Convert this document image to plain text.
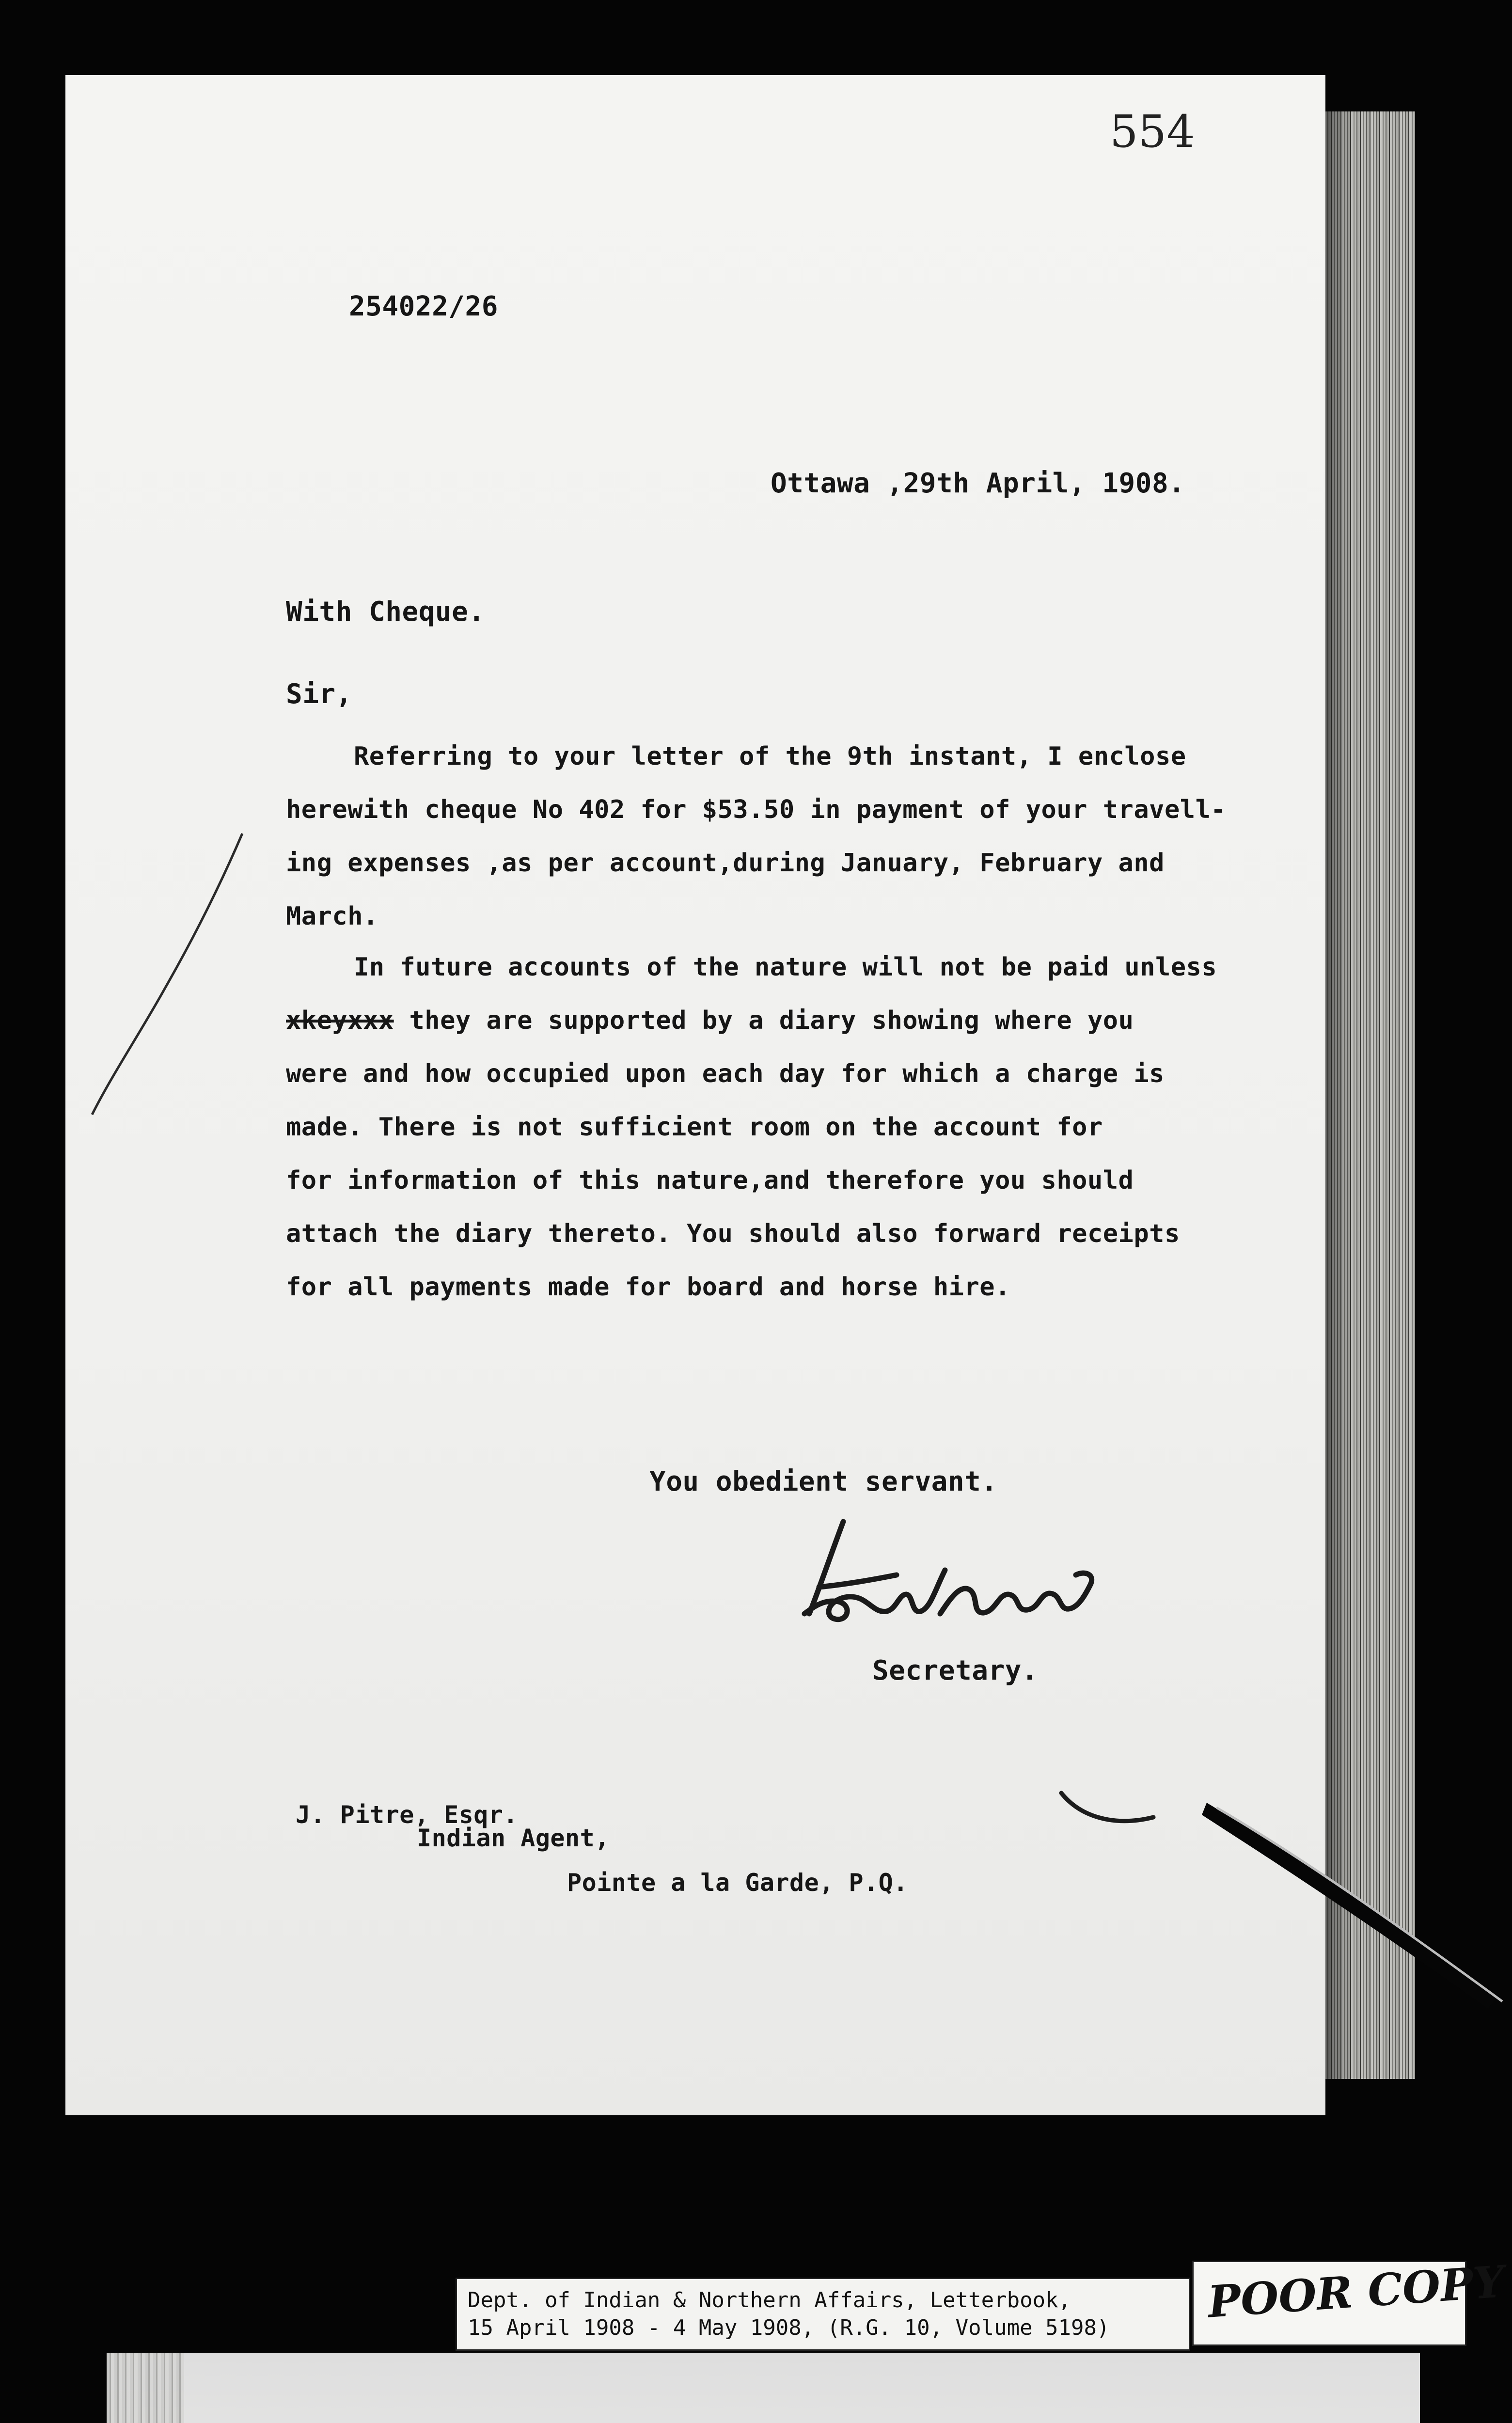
554
254022/26
Ottawa ,29th April, 1908.
With Cheque.
Sir,
Referring to your letter of the 9th instant, I enclose
herewith cheque No 402 for $53.50 in payment of your travell-
ing expenses ,as per account,during January, February and
March.
In future accounts of the nature will not be paid unless
xkeyxxx they are supported by a diary showing where you
were and how occupied upon each day for which a charge is
made. There is not sufficient room on the account for
for information of this nature,and therefore you should
attach the diary thereto. You should also forward receipts
for all payments made for board and horse hire.
You obedient servant.
Secretary.
J. Pitre, Esqr.
Indian Agent,
Pointe a la Garde, P.Q.
Dept. of Indian & Northern Affairs, Letterbook,
15 April 1908 - 4 May 1908, (R.G. 10, Volume 5198) POOR COPY
